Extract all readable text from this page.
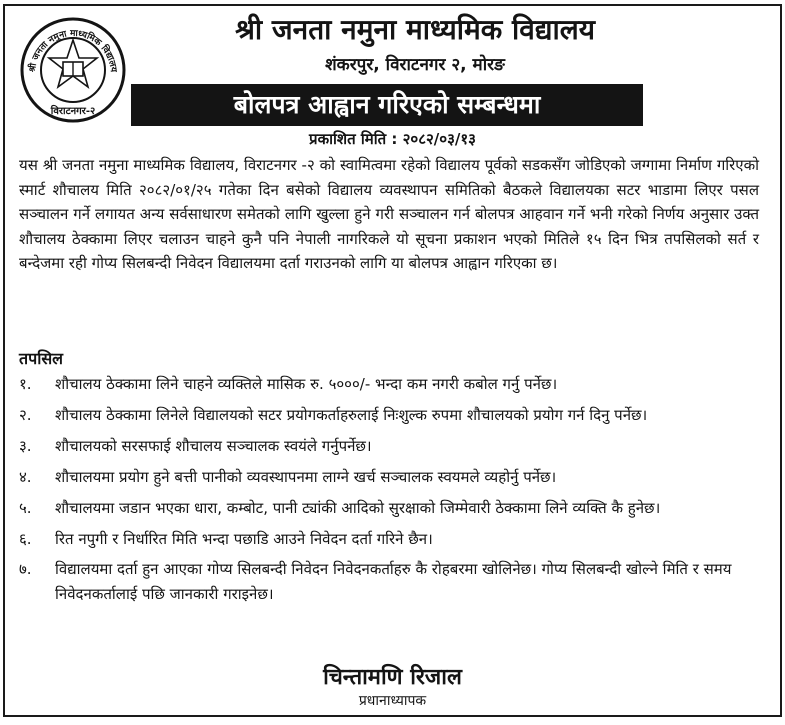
श्री जनता नमुना माध्यमिक विद्यालय
विराटनगर-२
श्री जनता नमुना माध्यमिक विद्यालय
शंकरपुर, विराटनगर २, मोरङ
बोलपत्र आह्वान गरिएको सम्बन्धमा
प्रकाशित मिति : २०८२/०३/१३
यस श्री जनता नमुना माध्यमिक विद्यालय, विराटनगर -२ को स्वामित्वमा रहेको विद्यालय पूर्वको सडकसँग जोडिएको जग्गामा निर्माण गरिएको स्मार्ट शौचालय मिति २०८२/०१/२५ गतेका दिन बसेको विद्यालय व्यवस्थापन समितिको बैठकले विद्यालयका सटर भाडामा लिएर पसल सञ्चालन गर्ने लगायत अन्य सर्वसाधारण समेतको लागि खुल्ला हुने गरी सञ्चालन गर्न बोलपत्र आहवान गर्ने भनी गरेको निर्णय अनुसार उक्त शौचालय ठेक्कामा लिएर चलाउन चाहने कुनै पनि नेपाली नागरिकले यो सूचना प्रकाशन भएको मितिले १५ दिन भित्र तपसिलको सर्त र बन्देजमा रही गोप्य सिलबन्दी निवेदन विद्यालयमा दर्ता गराउनको लागि या बोलपत्र आह्वान गरिएका छ।
तपसिल
१.	शौचालय ठेक्कामा लिने चाहने व्यक्तिले मासिक रु. ५०००/- भन्दा कम नगरी कबोल गर्नु पर्नेछ।
२.	शौचालय ठेक्कामा लिनेले विद्यालयको सटर प्रयोगकर्ताहरुलाई निःशुल्क रुपमा शौचालयको प्रयोग गर्न दिनु पर्नेछ।
३.	शौचालयको सरसफाई शौचालय सञ्चालक स्वयंले गर्नुपर्नेछ।
४.	शौचालयमा प्रयोग हुने बत्ती पानीको व्यवस्थापनमा लाग्ने खर्च सञ्चालक स्वयमले व्यहोर्नु पर्नेछ।
५.	शौचालयमा जडान भएका धारा, कम्बोट, पानी ट्यांकी आदिको सुरक्षाको जिम्मेवारी ठेक्कामा लिने व्यक्ति कै हुनेछ।
६.	रित नपुगी र निर्धारित मिति भन्दा पछाडि आउने निवेदन दर्ता गरिने छैन।
७.	विद्यालयमा दर्ता हुन आएका गोप्य सिलबन्दी निवेदन निवेदनकर्ताहरु कै रोहबरमा खोलिनेछ। गोप्य सिलबन्दी खोल्ने मिति र समय निवेदनकर्तालाई पछि जानकारी गराइनेछ।
चिन्तामणि रिजाल
प्रधानाध्यापक
